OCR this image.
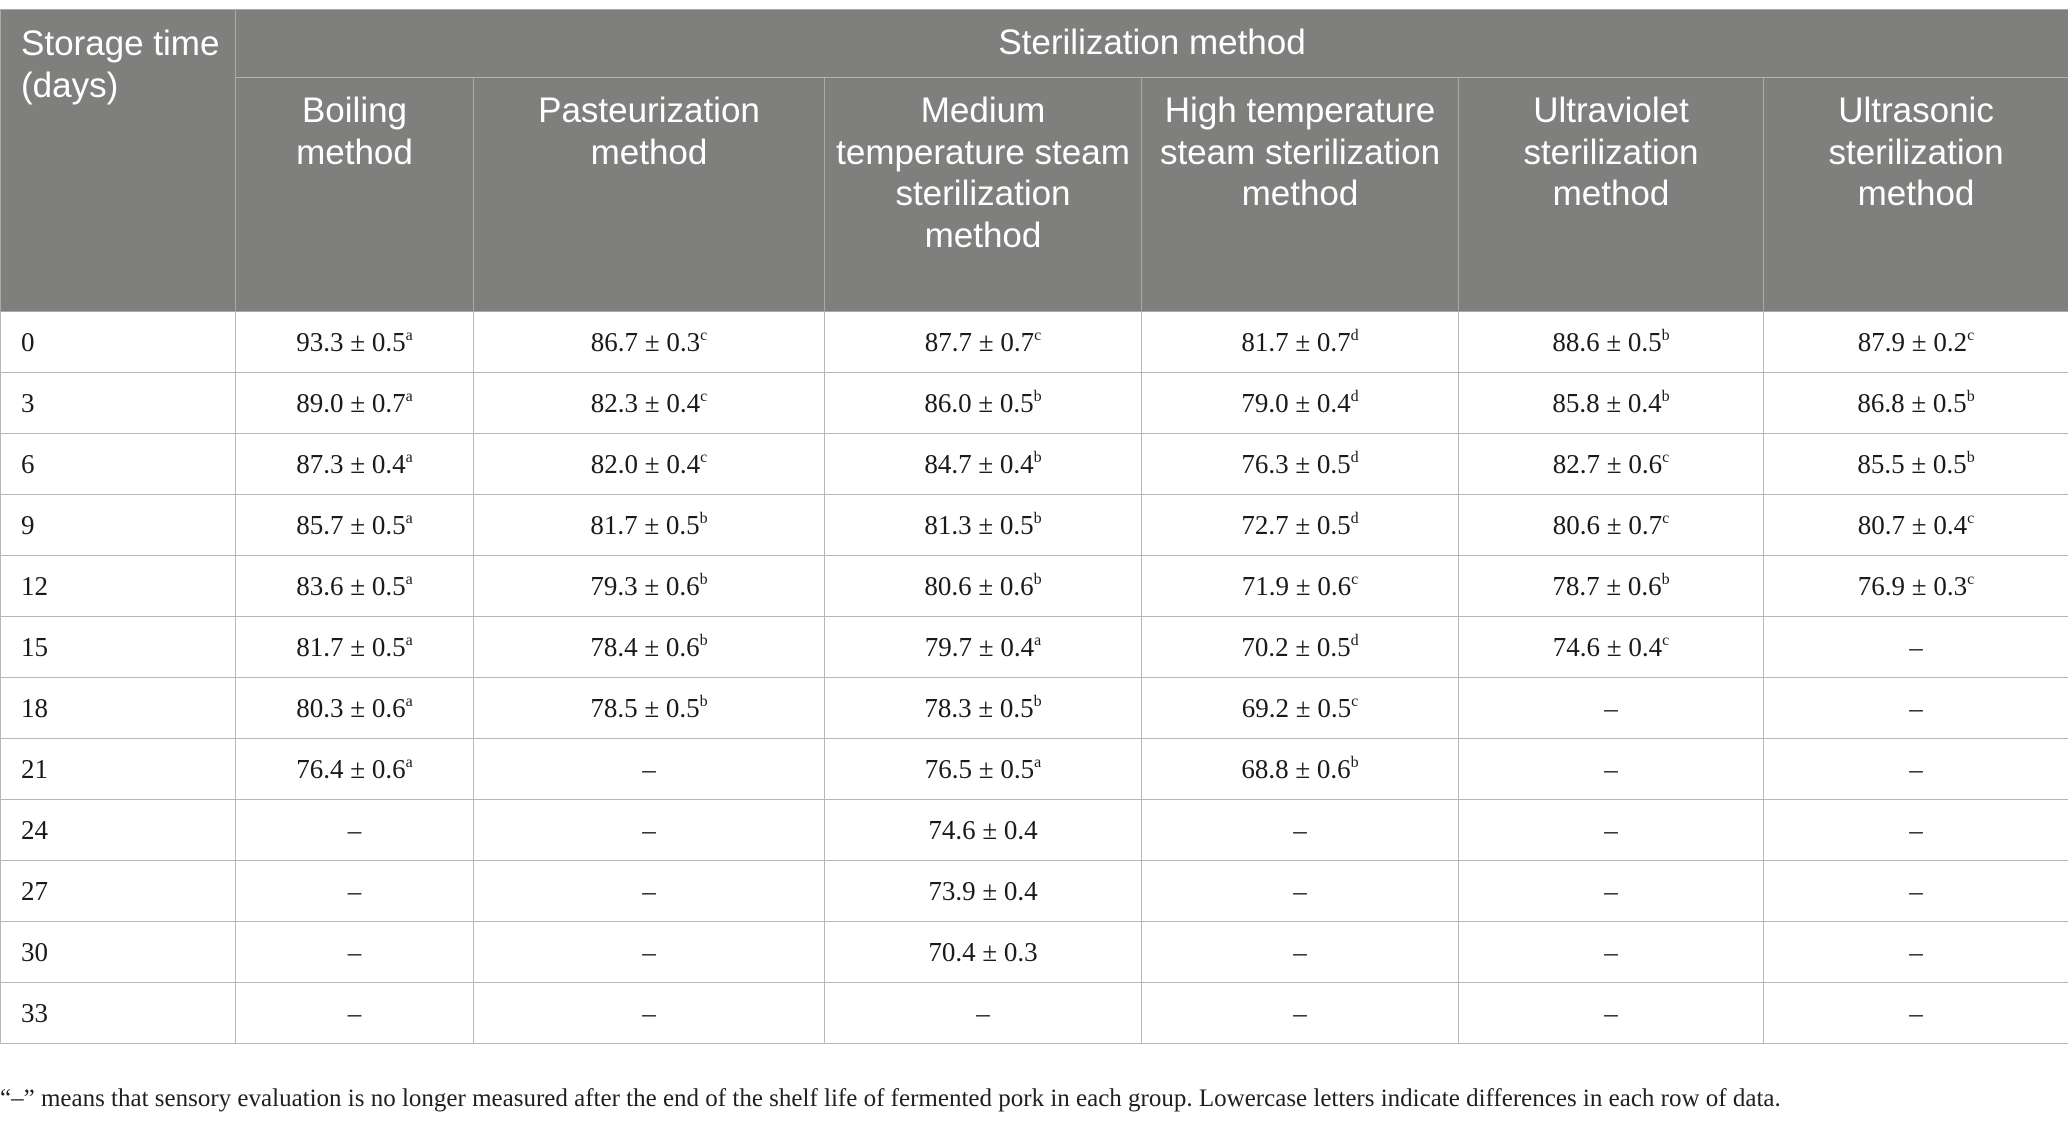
Storage time (days)	Sterilization method					
	Boiling method	Pasteurization method	Medium temperature steam sterilization method	High temperature steam sterilization method	Ultraviolet sterilization method	Ultrasonic sterilization method
0	93.3 ± 0.5$^a$	86.7 ± 0.3$^c$	87.7 ± 0.7$^c$	81.7 ± 0.7$^d$	88.6 ± 0.5$^b$	87.9 ± 0.2$^c$
3	89.0 ± 0.7$^a$	82.3 ± 0.4$^c$	86.0 ± 0.5$^b$	79.0 ± 0.4$^d$	85.8 ± 0.4$^b$	86.8 ± 0.5$^b$
6	87.3 ± 0.4$^a$	82.0 ± 0.4$^c$	84.7 ± 0.4$^b$	76.3 ± 0.5$^d$	82.7 ± 0.6$^c$	85.5 ± 0.5$^b$
9	85.7 ± 0.5$^a$	81.7 ± 0.5$^b$	81.3 ± 0.5$^b$	72.7 ± 0.5$^d$	80.6 ± 0.7$^c$	80.7 ± 0.4$^c$
12	83.6 ± 0.5$^a$	79.3 ± 0.6$^b$	80.6 ± 0.6$^b$	71.9 ± 0.6$^c$	78.7 ± 0.6$^b$	76.9 ± 0.3$^c$
15	81.7 ± 0.5$^a$	78.4 ± 0.6$^b$	79.7 ± 0.4$^a$	70.2 ± 0.5$^d$	74.6 ± 0.4$^c$	–
18	80.3 ± 0.6$^a$	78.5 ± 0.5$^b$	78.3 ± 0.5$^b$	69.2 ± 0.5$^c$	–	–
21	76.4 ± 0.6$^a$	–	76.5 ± 0.5$^a$	68.8 ± 0.6$^b$	–	–
24	–	–	74.6 ± 0.4	–	–	–
27	–	–	73.9 ± 0.4	–	–	–
30	–	–	70.4 ± 0.3	–	–	–
33	–	–	–	–	–	–
“–” means that sensory evaluation is no longer measured after the end of the shelf life of fermented pork in each group. Lowercase letters indicate differences in each row of data.
